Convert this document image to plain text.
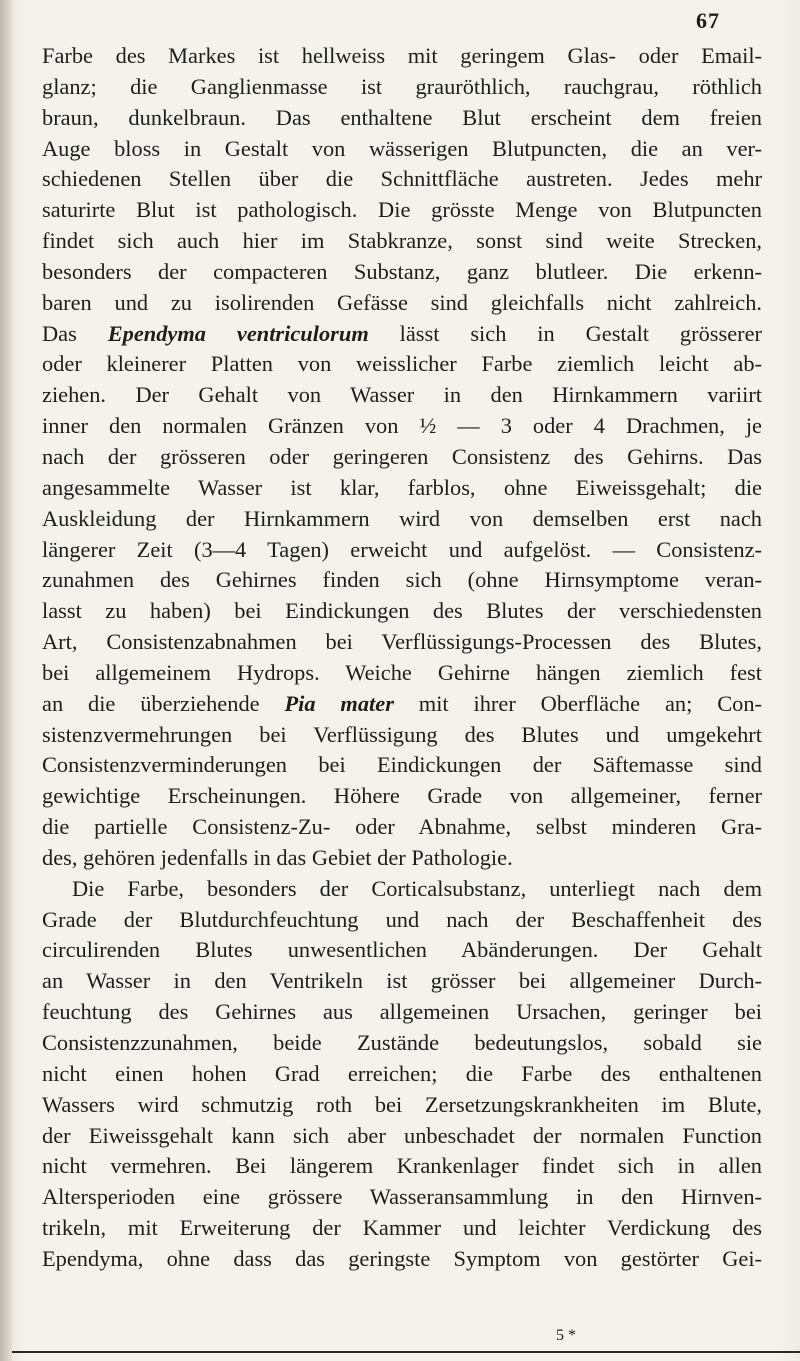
67
Farbe des Markes ist hellweiss mit geringem Glas- oder Email-
glanz; die Ganglienmasse ist grauröthlich, rauchgrau, röthlich
braun, dunkelbraun. Das enthaltene Blut erscheint dem freien
Auge bloss in Gestalt von wässerigen Blutpuncten, die an ver-
schiedenen Stellen über die Schnittfläche austreten. Jedes mehr
saturirte Blut ist pathologisch. Die grösste Menge von Blutpuncten
findet sich auch hier im Stabkranze, sonst sind weite Strecken,
besonders der compacteren Substanz, ganz blutleer. Die erkenn-
baren und zu isolirenden Gefässe sind gleichfalls nicht zahlreich.
Das Ependyma ventriculorum lässt sich in Gestalt grösserer
oder kleinerer Platten von weisslicher Farbe ziemlich leicht ab-
ziehen. Der Gehalt von Wasser in den Hirnkammern variirt
inner den normalen Gränzen von ½ — 3 oder 4 Drachmen, je
nach der grösseren oder geringeren Consistenz des Gehirns. Das
angesammelte Wasser ist klar, farblos, ohne Eiweissgehalt; die
Auskleidung der Hirnkammern wird von demselben erst nach
längerer Zeit (3—4 Tagen) erweicht und aufgelöst. — Consistenz-
zunahmen des Gehirnes finden sich (ohne Hirnsymptome veran-
lasst zu haben) bei Eindickungen des Blutes der verschiedensten
Art, Consistenzabnahmen bei Verflüssigungs-Processen des Blutes,
bei allgemeinem Hydrops. Weiche Gehirne hängen ziemlich fest
an die überziehende Pia mater mit ihrer Oberfläche an; Con-
sistenzvermehrungen bei Verflüssigung des Blutes und umgekehrt
Consistenzverminderungen bei Eindickungen der Säftemasse sind
gewichtige Erscheinungen. Höhere Grade von allgemeiner, ferner
die partielle Consistenz-Zu- oder Abnahme, selbst minderen Gra-
des, gehören jedenfalls in das Gebiet der Pathologie.
Die Farbe, besonders der Corticalsubstanz, unterliegt nach dem
Grade der Blutdurchfeuchtung und nach der Beschaffenheit des
circulirenden Blutes unwesentlichen Abänderungen. Der Gehalt
an Wasser in den Ventrikeln ist grösser bei allgemeiner Durch-
feuchtung des Gehirnes aus allgemeinen Ursachen, geringer bei
Consistenzzunahmen, beide Zustände bedeutungslos, sobald sie
nicht einen hohen Grad erreichen; die Farbe des enthaltenen
Wassers wird schmutzig roth bei Zersetzungskrankheiten im Blute,
der Eiweissgehalt kann sich aber unbeschadet der normalen Function
nicht vermehren. Bei längerem Krankenlager findet sich in allen
Altersperioden eine grössere Wasseransammlung in den Hirnven-
trikeln, mit Erweiterung der Kammer und leichter Verdickung des
Ependyma, ohne dass das geringste Symptom von gestörter Gei-
5 *
